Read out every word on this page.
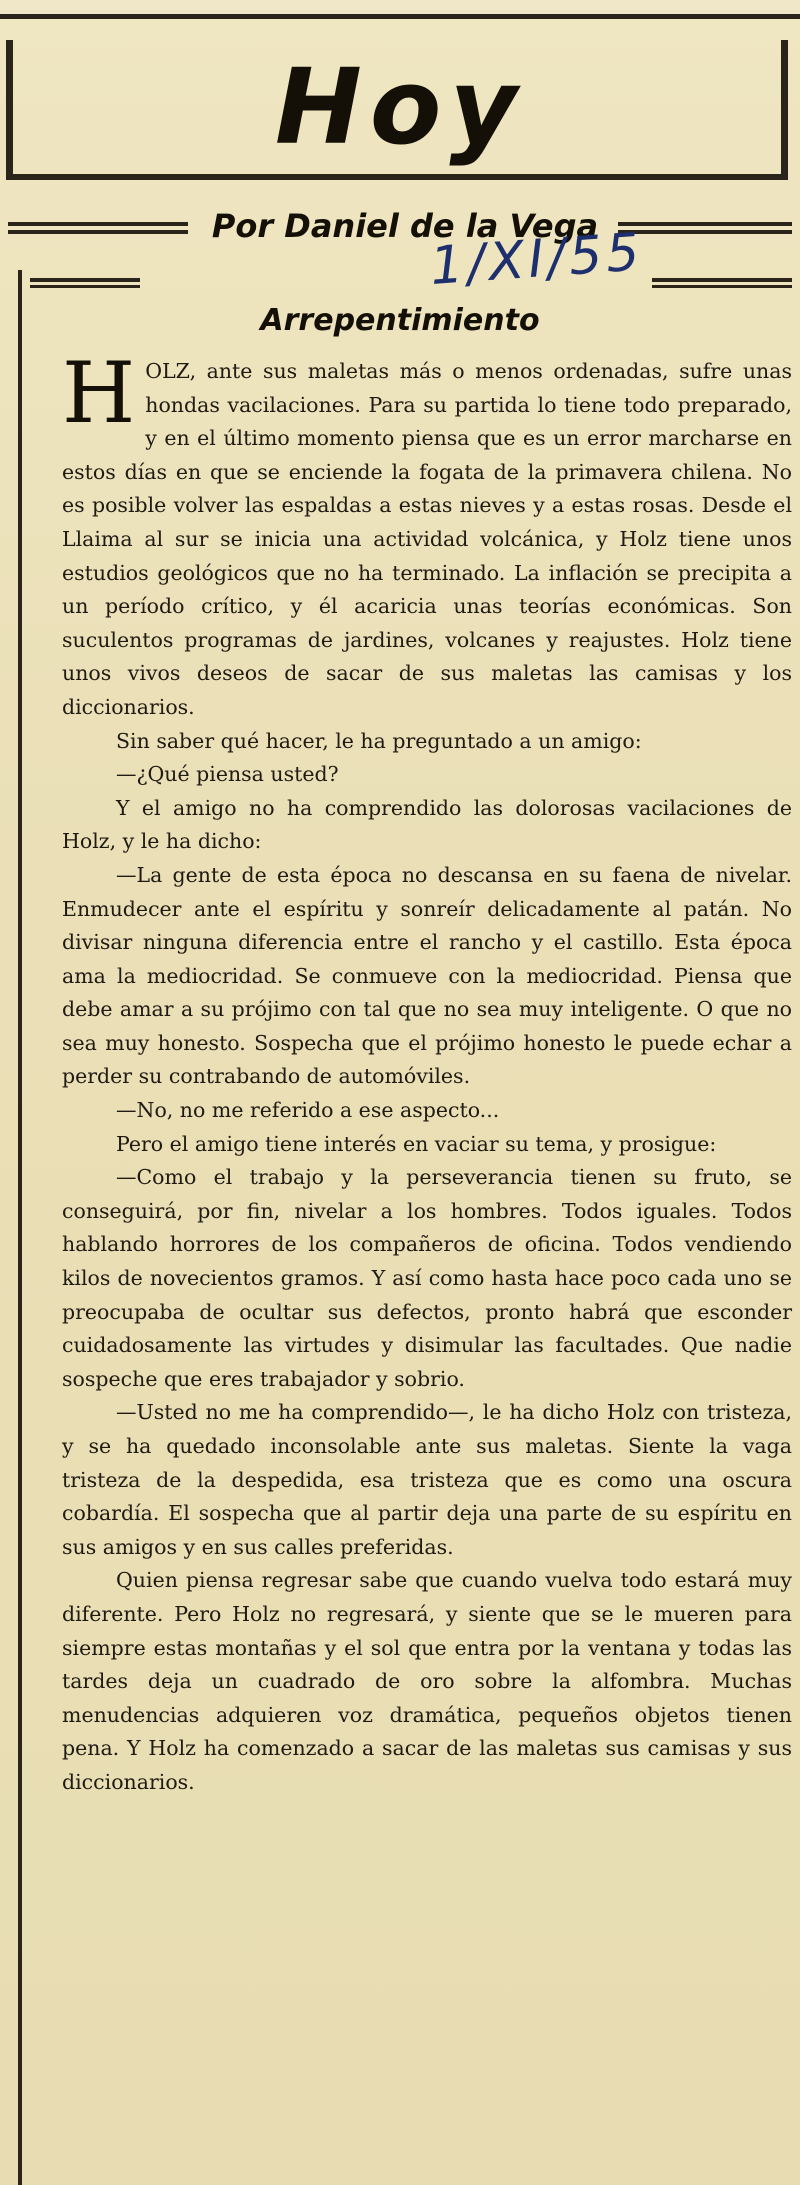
Hoy
Por Daniel de la Vega
1/XI/55
Arrepentimiento

HOLZ, ante sus maletas más o menos ordenadas, sufre unas hondas vacilaciones. Para su partida lo tiene todo preparado, y en el último momento piensa que es un error marcharse en estos días en que se enciende la fogata de la primavera chilena. No es posible volver las espaldas a estas nieves y a estas rosas. Desde el Llaima al sur se inicia una actividad volcánica, y Holz tiene unos estudios geológicos que no ha terminado. La inflación se precipita a un período crítico, y él acaricia unas teorías económicas. Son suculentos programas de jardines, volcanes y reajustes. Holz tiene unos vivos deseos de sacar de sus maletas las camisas y los diccionarios.

Sin saber qué hacer, le ha preguntado a un amigo:

—¿Qué piensa usted?

Y el amigo no ha comprendido las dolorosas vacilaciones de Holz, y le ha dicho:

—La gente de esta época no descansa en su faena de nivelar. Enmudecer ante el espíritu y sonreír delicadamente al patán. No divisar ninguna diferencia entre el rancho y el castillo. Esta época ama la mediocridad. Se conmueve con la mediocridad. Piensa que debe amar a su prójimo con tal que no sea muy inteligente. O que no sea muy honesto. Sospecha que el prójimo honesto le puede echar a perder su contrabando de automóviles.

—No, no me referido a ese aspecto...

Pero el amigo tiene interés en vaciar su tema, y prosigue:

—Como el trabajo y la perseverancia tienen su fruto, se conseguirá, por fin, nivelar a los hombres. Todos iguales. Todos hablando horrores de los compañeros de oficina. Todos vendiendo kilos de novecientos gramos. Y así como hasta hace poco cada uno se preocupaba de ocultar sus defectos, pronto habrá que esconder cuidadosamente las virtudes y disimular las facultades. Que nadie sospeche que eres trabajador y sobrio.

—Usted no me ha comprendido—, le ha dicho Holz con tristeza, y se ha quedado inconsolable ante sus maletas. Siente la vaga tristeza de la despedida, esa tristeza que es como una oscura cobardía. El sospecha que al partir deja una parte de su espíritu en sus amigos y en sus calles preferidas.

Quien piensa regresar sabe que cuando vuelva todo estará muy diferente. Pero Holz no regresará, y siente que se le mueren para siempre estas montañas y el sol que entra por la ventana y todas las tardes deja un cuadrado de oro sobre la alfombra. Muchas menudencias adquieren voz dramática, pequeños objetos tienen pena. Y Holz ha comenzado a sacar de las maletas sus camisas y sus diccionarios.
